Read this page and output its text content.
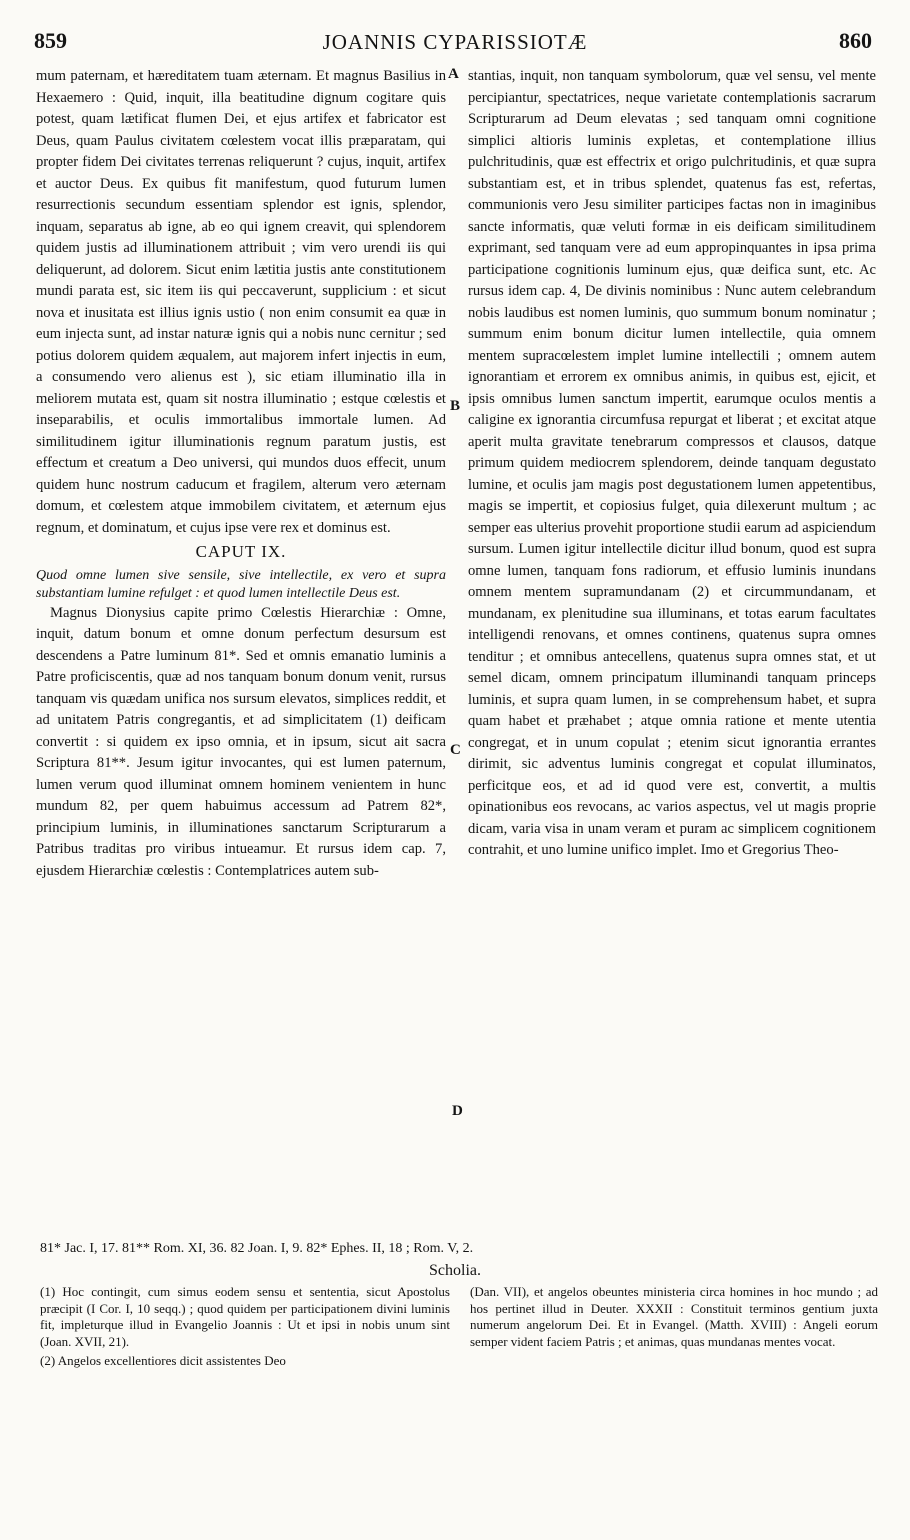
859	JOANNIS CYPARISSIOTÆ	860
A
B
C
D

mum paternam, et hæreditatem tuam æternam. Et magnus Basilius in Hexaemero : Quid, inquit, illa beatitudine dignum cogitare quis potest, quam lætificat flumen Dei, et ejus artifex et fabricator est Deus, quam Paulus civitatem cœlestem vocat illis præparatam, qui propter fidem Dei civitates terrenas reliquerunt ? cujus, inquit, artifex et auctor Deus. Ex quibus fit manifestum, quod futurum lumen resurrectionis secundum essentiam splendor est ignis, splendor, inquam, separatus ab igne, ab eo qui ignem creavit, qui splendorem quidem justis ad illuminationem attribuit ; vim vero urendi iis qui deliquerunt, ad dolorem. Sicut enim lætitia justis ante constitutionem mundi parata est, sic item iis qui peccaverunt, supplicium : et sicut nova et inusitata est illius ignis ustio ( non enim consumit ea quæ in eum injecta sunt, ad instar naturæ ignis qui a nobis nunc cernitur ; sed potius dolorem quidem æqualem, aut majorem infert injectis in eum, a consumendo vero alienus est ), sic etiam illuminatio illa in meliorem mutata est, quam sit nostra illuminatio ; estque cœlestis et inseparabilis, et oculis immortalibus immortale lumen. Ad similitudinem igitur illuminationis regnum paratum justis, est effectum et creatum a Deo universi, qui mundos duos effecit, unum quidem hunc nostrum caducum et fragilem, alterum vero æternam domum, et cœlestem atque immobilem civitatem, et æternum ejus regnum, et dominatum, et cujus ipse vere rex et dominus est.

CAPUT IX.

Quod omne lumen sive sensile, sive intellectile, ex vero et supra substantiam lumine refulget : et quod lumen intellectile Deus est.

Magnus Dionysius capite primo Cœlestis Hierarchiæ : Omne, inquit, datum bonum et omne donum perfectum desursum est descendens a Patre luminum 81*. Sed et omnis emanatio luminis a Patre proficiscentis, quæ ad nos tanquam bonum donum venit, rursus tanquam vis quædam unifica nos sursum elevatos, simplices reddit, et ad unitatem Patris congregantis, et ad simplicitatem (1) deificam convertit : si quidem ex ipso omnia, et in ipsum, sicut ait sacra Scriptura 81**. Jesum igitur invocantes, qui est lumen paternum, lumen verum quod illuminat omnem hominem venientem in hunc mundum 82, per quem habuimus accessum ad Patrem 82*, principium luminis, in illuminationes sanctarum Scripturarum a Patribus traditas pro viribus intueamur. Et rursus idem cap. 7, ejusdem Hierarchiæ cœlestis : Contemplatrices autem sub-

stantias, inquit, non tanquam symbolorum, quæ vel sensu, vel mente percipiantur, spectatrices, neque varietate contemplationis sacrarum Scripturarum ad Deum elevatas ; sed tanquam omni cognitione simplici altioris luminis expletas, et contemplatione illius pulchritudinis, quæ est effectrix et origo pulchritudinis, et quæ supra substantiam est, et in tribus splendet, quatenus fas est, refertas, communionis vero Jesu similiter participes factas non in imaginibus sancte informatis, quæ veluti formæ in eis deificam similitudinem exprimant, sed tanquam vere ad eum appropinquantes in ipsa prima participatione cognitionis luminum ejus, quæ deifica sunt, etc. Ac rursus idem cap. 4, De divinis nominibus : Nunc autem celebrandum nobis laudibus est nomen luminis, quo summum bonum nominatur ; summum enim bonum dicitur lumen intellectile, quia omnem mentem supracœlestem implet lumine intellectili ; omnem autem ignorantiam et errorem ex omnibus animis, in quibus est, ejicit, et ipsis omnibus lumen sanctum impertit, earumque oculos mentis a caligine ex ignorantia circumfusa repurgat et liberat ; et excitat atque aperit multa gravitate tenebrarum compressos et clausos, datque primum quidem mediocrem splendorem, deinde tanquam degustato lumine, et oculis jam magis post degustationem lumen appetentibus, magis se impertit, et copiosius fulget, quia dilexerunt multum ; ac semper eas ulterius provehit proportione studii earum ad aspiciendum sursum. Lumen igitur intellectile dicitur illud bonum, quod est supra omne lumen, tanquam fons radiorum, et effusio luminis inundans omnem mentem supramundanam (2) et circummundanam, et mundanam, ex plenitudine sua illuminans, et totas earum facultates intelligendi renovans, et omnes continens, quatenus supra omnes tenditur ; et omnibus antecellens, quatenus supra omnes stat, et ut semel dicam, omnem principatum illuminandi tanquam princeps luminis, et supra quam lumen, in se comprehensum habet, et supra quam habet et præhabet ; atque omnia ratione et mente utentia congregat, et in unum copulat ; etenim sicut ignorantia errantes dirimit, sic adventus luminis congregat et copulat illuminatos, perficitque eos, et ad id quod vere est, convertit, a multis opinationibus eos revocans, ac varios aspectus, vel ut magis proprie dicam, varia visa in unam veram et puram ac simplicem cognitionem contrahit, et uno lumine unifico implet. Imo et Gregorius Theo-

81* Jac. I, 17. 81** Rom. XI, 36. 82 Joan. I, 9. 82* Ephes. II, 18 ; Rom. V, 2.
Scholia.

(1) Hoc contingit, cum simus eodem sensu et sententia, sicut Apostolus præcipit (I Cor. I, 10 seqq.) ; quod quidem per participationem divini luminis fit, impleturque illud in Evangelio Joannis : Ut et ipsi in nobis unum sint (Joan. XVII, 21).

(2) Angelos excellentiores dicit assistentes Deo

(Dan. VII), et angelos obeuntes ministeria circa homines in hoc mundo ; ad hos pertinet illud in Deuter. XXXII : Constituit terminos gentium juxta numerum angelorum Dei. Et in Evangel. (Matth. XVIII) : Angeli eorum semper vident faciem Patris ; et animas, quas mundanas mentes vocat.
